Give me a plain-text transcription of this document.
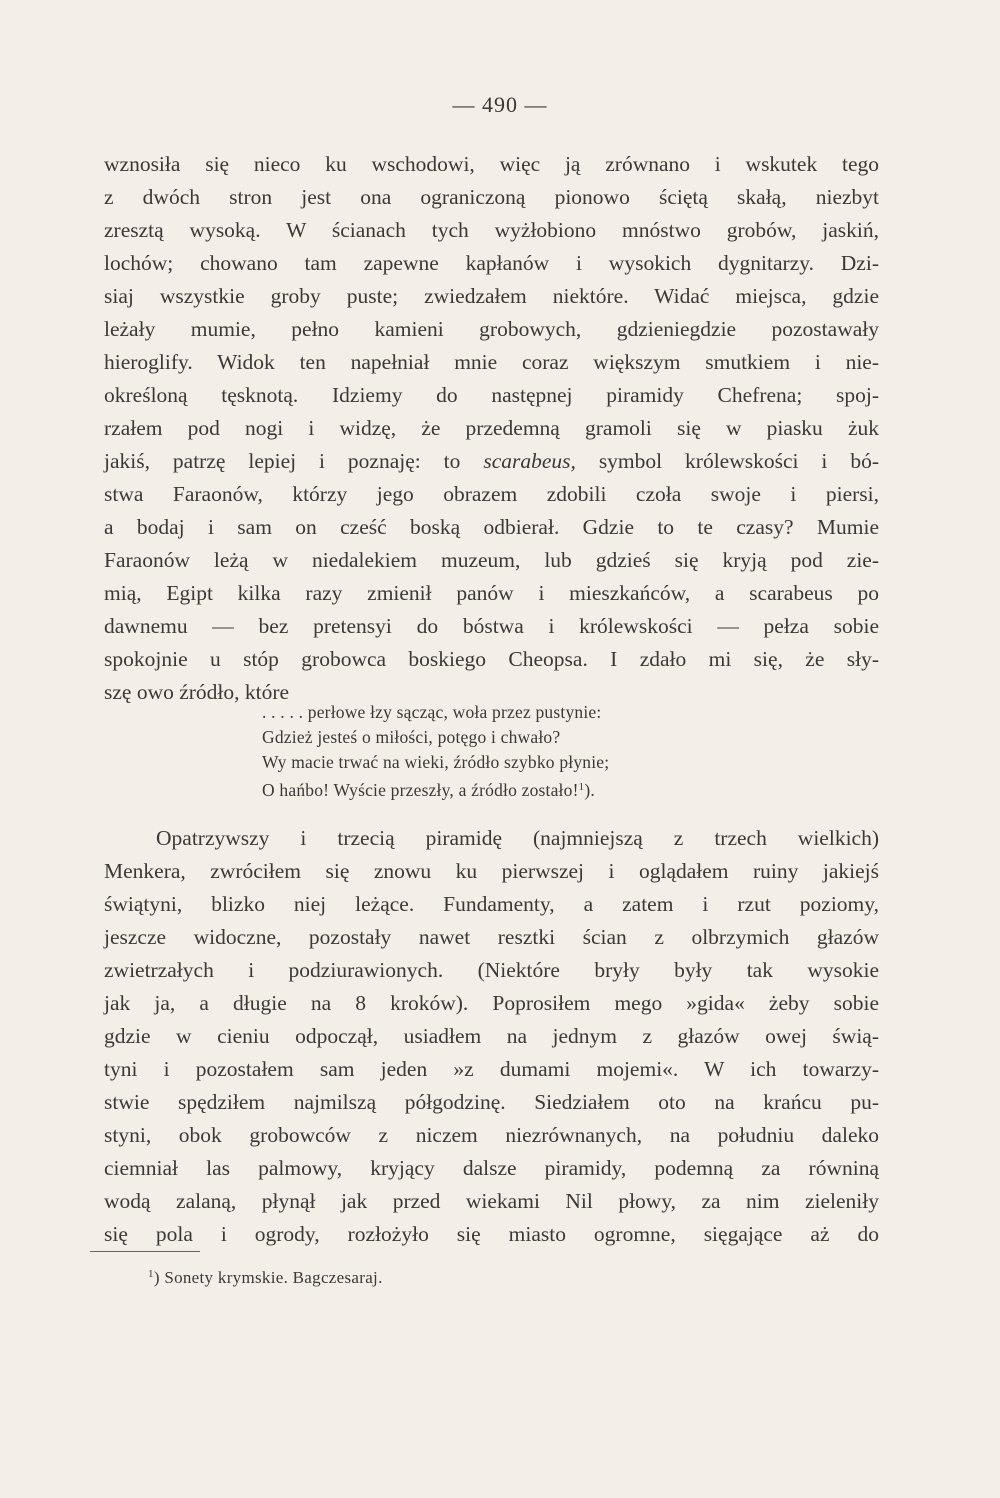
— 490 —
wznosiła się nieco ku wschodowi, więc ją zrównano i wskutek tego
z dwóch stron jest ona ograniczoną pionowo ściętą skałą, niezbyt
zresztą wysoką. W ścianach tych wyżłobiono mnóstwo grobów, jaskiń,
lochów; chowano tam zapewne kapłanów i wysokich dygnitarzy. Dzi-
siaj wszystkie groby puste; zwiedzałem niektóre. Widać miejsca, gdzie
leżały mumie, pełno kamieni grobowych, gdzieniegdzie pozostawały
hieroglify. Widok ten napełniał mnie coraz większym smutkiem i nie-
określoną tęsknotą. Idziemy do następnej piramidy Chefrena; spoj-
rzałem pod nogi i widzę, że przedemną gramoli się w piasku żuk
jakiś, patrzę lepiej i poznaję: to scarabeus, symbol królewskości i bó-
stwa Faraonów, którzy jego obrazem zdobili czoła swoje i piersi,
a bodaj i sam on cześć boską odbierał. Gdzie to te czasy? Mumie
Faraonów leżą w niedalekiem muzeum, lub gdzieś się kryją pod zie-
mią, Egipt kilka razy zmienił panów i mieszkańców, a scarabeus po
dawnemu — bez pretensyi do bóstwa i królewskości — pełza sobie
spokojnie u stóp grobowca boskiego Cheopsa. I zdało mi się, że sły-
szę owo źródło, które
. . . . . perłowe łzy sącząc, woła przez pustynie:
Gdzież jesteś o miłości, potęgo i chwało?
Wy macie trwać na wieki, źródło szybko płynie;
O hańbo! Wyście przeszły, a źródło zostało!$^1$).
Opatrzywszy i trzecią piramidę (najmniejszą z trzech wielkich)
Menkera, zwróciłem się znowu ku pierwszej i oglądałem ruiny jakiejś
świątyni, blizko niej leżące. Fundamenty, a zatem i rzut poziomy,
jeszcze widoczne, pozostały nawet resztki ścian z olbrzymich głazów
zwietrzałych i podziurawionych. (Niektóre bryły były tak wysokie
jak ja, a długie na 8 kroków). Poprosiłem mego »gida« żeby sobie
gdzie w cieniu odpoczął, usiadłem na jednym z głazów owej świą-
tyni i pozostałem sam jeden »z dumami mojemi«. W ich towarzy-
stwie spędziłem najmilszą półgodzinę. Siedziałem oto na krańcu pu-
styni, obok grobowców z niczem niezrównanych, na południu daleko
ciemniał las palmowy, kryjący dalsze piramidy, podemną za równiną
wodą zalaną, płynął jak przed wiekami Nil płowy, za nim zieleniły
się pola i ogrody, rozłożyło się miasto ogromne, sięgające aż do
$^1$) Sonety krymskie. Bagczesaraj.
